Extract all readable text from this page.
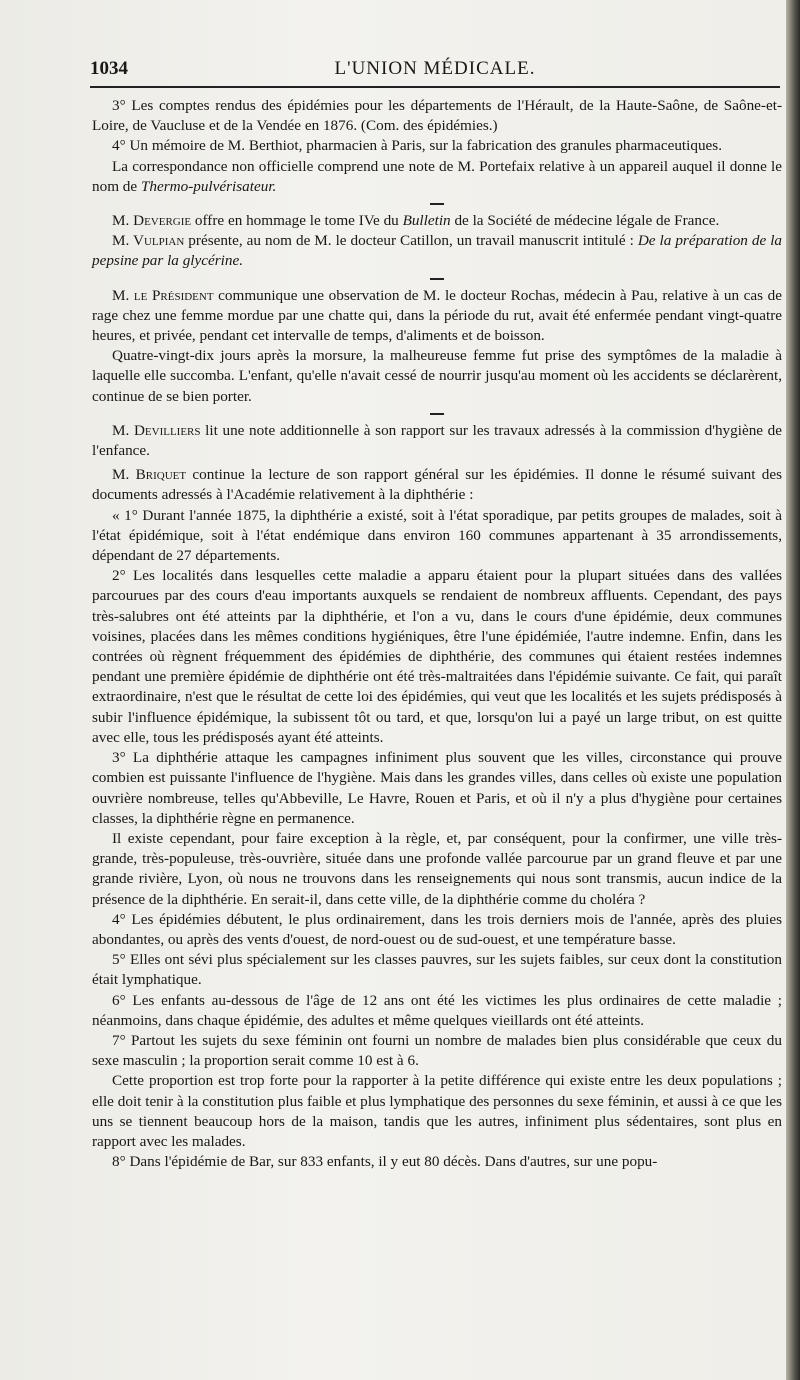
1034	L'UNION MÉDICALE.

3° Les comptes rendus des épidémies pour les départements de l'Hérault, de la Haute-Saône, de Saône-et-Loire, de Vaucluse et de la Vendée en 1876. (Com. des épidémies.)

4° Un mémoire de M. Berthiot, pharmacien à Paris, sur la fabrication des granules pharmaceutiques.

La correspondance non officielle comprend une note de M. Portefaix relative à un appareil auquel il donne le nom de Thermo-pulvérisateur.

M. Devergie offre en hommage le tome IVe du Bulletin de la Société de médecine légale de France.

M. Vulpian présente, au nom de M. le docteur Catillon, un travail manuscrit intitulé : De la préparation de la pepsine par la glycérine.

M. le Président communique une observation de M. le docteur Rochas, médecin à Pau, relative à un cas de rage chez une femme mordue par une chatte qui, dans la période du rut, avait été enfermée pendant vingt-quatre heures, et privée, pendant cet intervalle de temps, d'aliments et de boisson.

Quatre-vingt-dix jours après la morsure, la malheureuse femme fut prise des symptômes de la maladie à laquelle elle succomba. L'enfant, qu'elle n'avait cessé de nourrir jusqu'au moment où les accidents se déclarèrent, continue de se bien porter.

M. Devilliers lit une note additionnelle à son rapport sur les travaux adressés à la commission d'hygiène de l'enfance.

M. Briquet continue la lecture de son rapport général sur les épidémies. Il donne le résumé suivant des documents adressés à l'Académie relativement à la diphthérie :

« 1° Durant l'année 1875, la diphthérie a existé, soit à l'état sporadique, par petits groupes de malades, soit à l'état épidémique, soit à l'état endémique dans environ 160 communes appartenant à 35 arrondissements, dépendant de 27 départements.

2° Les localités dans lesquelles cette maladie a apparu étaient pour la plupart situées dans des vallées parcourues par des cours d'eau importants auxquels se rendaient de nombreux affluents. Cependant, des pays très-salubres ont été atteints par la diphthérie, et l'on a vu, dans le cours d'une épidémie, deux communes voisines, placées dans les mêmes conditions hygiéniques, être l'une épidémiée, l'autre indemne. Enfin, dans les contrées où règnent fréquemment des épidémies de diphthérie, des communes qui étaient restées indemnes pendant une première épidémie de diphthérie ont été très-maltraitées dans l'épidémie suivante. Ce fait, qui paraît extraordinaire, n'est que le résultat de cette loi des épidémies, qui veut que les localités et les sujets prédisposés à subir l'influence épidémique, la subissent tôt ou tard, et que, lorsqu'on lui a payé un large tribut, on est quitte avec elle, tous les prédisposés ayant été atteints.

3° La diphthérie attaque les campagnes infiniment plus souvent que les villes, circonstance qui prouve combien est puissante l'influence de l'hygiène. Mais dans les grandes villes, dans celles où existe une population ouvrière nombreuse, telles qu'Abbeville, Le Havre, Rouen et Paris, et où il n'y a plus d'hygiène pour certaines classes, la diphthérie règne en permanence.

Il existe cependant, pour faire exception à la règle, et, par conséquent, pour la confirmer, une ville très-grande, très-populeuse, très-ouvrière, située dans une profonde vallée parcourue par un grand fleuve et par une grande rivière, Lyon, où nous ne trouvons dans les renseignements qui nous sont transmis, aucun indice de la présence de la diphthérie. En serait-il, dans cette ville, de la diphthérie comme du choléra ?

4° Les épidémies débutent, le plus ordinairement, dans les trois derniers mois de l'année, après des pluies abondantes, ou après des vents d'ouest, de nord-ouest ou de sud-ouest, et une température basse.

5° Elles ont sévi plus spécialement sur les classes pauvres, sur les sujets faibles, sur ceux dont la constitution était lymphatique.

6° Les enfants au-dessous de l'âge de 12 ans ont été les victimes les plus ordinaires de cette maladie ; néanmoins, dans chaque épidémie, des adultes et même quelques vieillards ont été atteints.

7° Partout les sujets du sexe féminin ont fourni un nombre de malades bien plus considérable que ceux du sexe masculin ; la proportion serait comme 10 est à 6.

Cette proportion est trop forte pour la rapporter à la petite différence qui existe entre les deux populations ; elle doit tenir à la constitution plus faible et plus lymphatique des personnes du sexe féminin, et aussi à ce que les uns se tiennent beaucoup hors de la maison, tandis que les autres, infiniment plus sédentaires, sont plus en rapport avec les malades.

8° Dans l'épidémie de Bar, sur 833 enfants, il y eut 80 décès. Dans d'autres, sur une popu-
